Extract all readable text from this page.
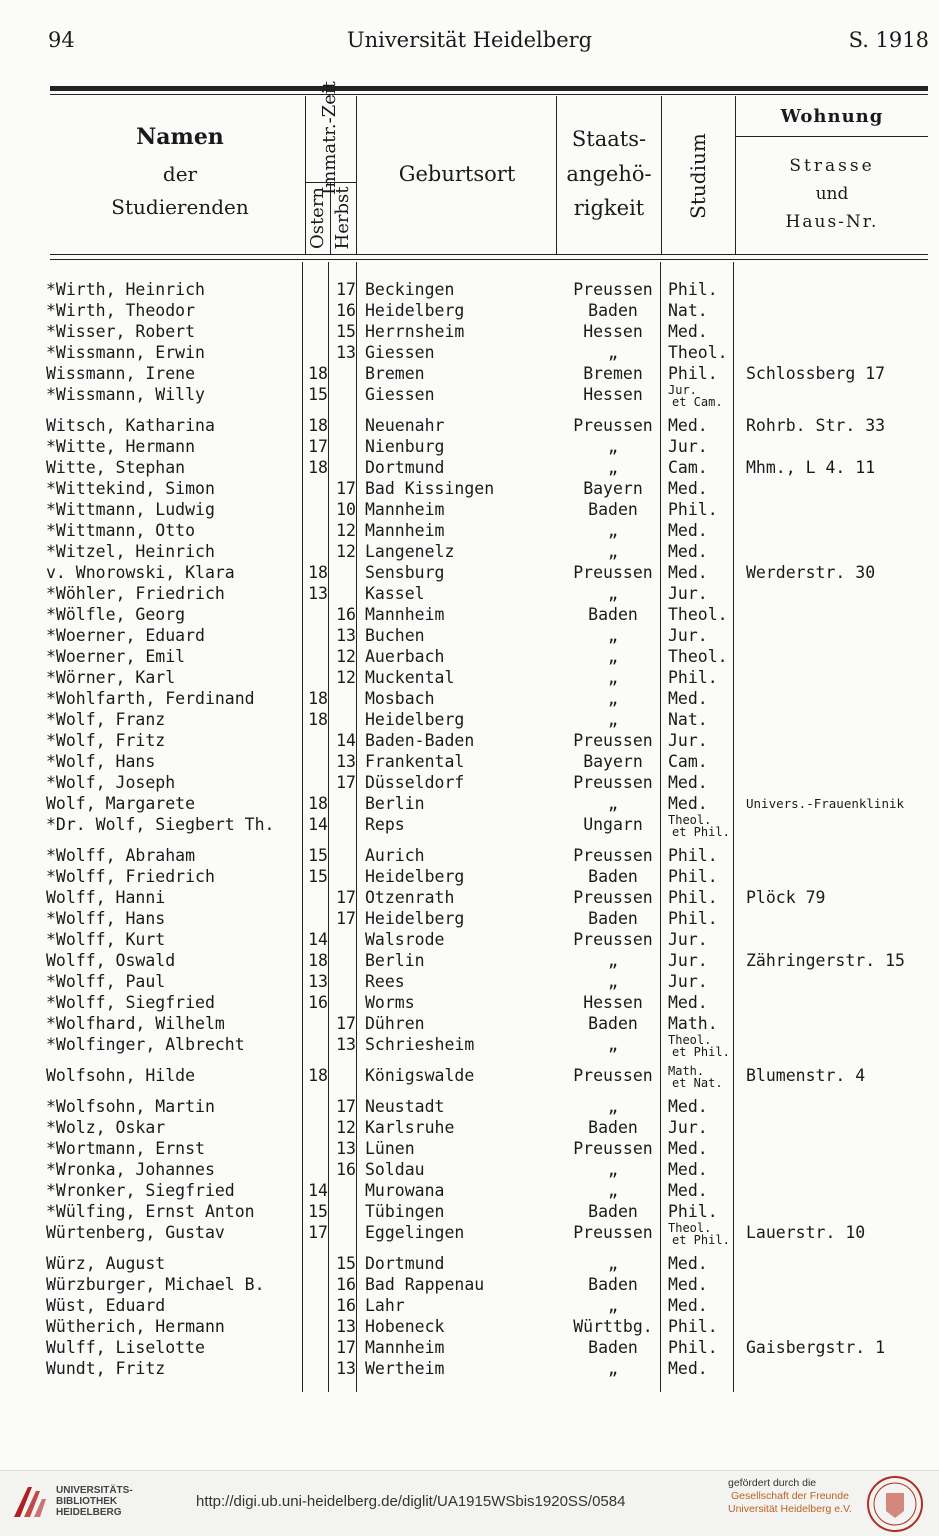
94	Universität Heidelberg	S. 1918
Namen
der
Studierenden
Immatr.-Zeit
Ostern Herbst
Geburtsort
Staats-
angehö-
rigkeit	Studium
Wohnung
Strasse
und
Haus-Nr.
*Wirth, Heinrich		17	Beckingen	Preussen	Phil.	
*Wirth, Theodor		16	Heidelberg	Baden	Nat.	
*Wisser, Robert		15	Herrnsheim	Hessen	Med.	
*Wissmann, Erwin		13	Giessen	„	Theol.	
Wissmann, Irene	18		Bremen	Bremen	Phil.	Schlossberg 17
*Wissmann, Willy	15		Giessen	Hessen	Jur.
et Cam.	

Witsch, Katharina	18		Neuenahr	Preussen	Med.	Rohrb. Str. 33
*Witte, Hermann	17		Nienburg	„	Jur.	
Witte, Stephan	18		Dortmund	„	Cam.	Mhm., L 4. 11
*Wittekind, Simon		17	Bad Kissingen	Bayern	Med.	
*Wittmann, Ludwig		10	Mannheim	Baden	Phil.	
*Wittmann, Otto		12	Mannheim	„	Med.	
*Witzel, Heinrich		12	Langenelz	„	Med.	
v. Wnorowski, Klara	18		Sensburg	Preussen	Med.	Werderstr. 30
*Wöhler, Friedrich	13		Kassel	„	Jur.	
*Wölfle, Georg		16	Mannheim	Baden	Theol.	
*Woerner, Eduard		13	Buchen	„	Jur.	
*Woerner, Emil		12	Auerbach	„	Theol.	
*Wörner, Karl		12	Muckental	„	Phil.	
*Wohlfarth, Ferdinand	18		Mosbach	„	Med.	
*Wolf, Franz	18		Heidelberg	„	Nat.	
*Wolf, Fritz		14	Baden-Baden	Preussen	Jur.	
*Wolf, Hans		13	Frankental	Bayern	Cam.	
*Wolf, Joseph		17	Düsseldorf	Preussen	Med.	
Wolf, Margarete	18		Berlin	„	Med.	Univers.-Frauenklinik
*Dr. Wolf, Siegbert Th.	14		Reps	Ungarn	Theol.
et Phil.	

*Wolff, Abraham	15		Aurich	Preussen	Phil.	
*Wolff, Friedrich	15		Heidelberg	Baden	Phil.	
Wolff, Hanni		17	Otzenrath	Preussen	Phil.	Plöck 79
*Wolff, Hans		17	Heidelberg	Baden	Phil.	
*Wolff, Kurt	14		Walsrode	Preussen	Jur.	
Wolff, Oswald	18		Berlin	„	Jur.	Zähringerstr. 15
*Wolff, Paul	13		Rees	„	Jur.	
*Wolff, Siegfried	16		Worms	Hessen	Med.	
*Wolfhard, Wilhelm		17	Dühren	Baden	Math.	
*Wolfinger, Albrecht		13	Schriesheim	„	Theol.
et Phil.	

Wolfsohn, Hilde	18		Königswalde	Preussen	Math.
et Nat.	Blumenstr. 4
*Wolfsohn, Martin		17	Neustadt	„	Med.	
*Wolz, Oskar		12	Karlsruhe	Baden	Jur.	
*Wortmann, Ernst		13	Lünen	Preussen	Med.	
*Wronka, Johannes		16	Soldau	„	Med.	
*Wronker, Siegfried	14		Murowana	„	Med.	
*Wülfing, Ernst Anton	15		Tübingen	Baden	Phil.	
Würtenberg, Gustav	17		Eggelingen	Preussen	Theol.
et Phil.	Lauerstr. 10
Würz, August		15	Dortmund	„	Med.	
Würzburger, Michael B.		16	Bad Rappenau	Baden	Med.	
Wüst, Eduard		16	Lahr	„	Med.	
Wütherich, Hermann		13	Hobeneck	Württbg.	Phil.	
Wulff, Liselotte		17	Mannheim	Baden	Phil.	Gaisbergstr. 1
Wundt, Fritz		13	Wertheim	„	Med.	
UNIVERSITÄTS-
BIBLIOTHEK
HEIDELBERG
http://digi.ub.uni-heidelberg.de/diglit/UA1915WSbis1920SS/0584
gefördert durch die
Gesellschaft der Freunde
Universität Heidelberg e.V.
